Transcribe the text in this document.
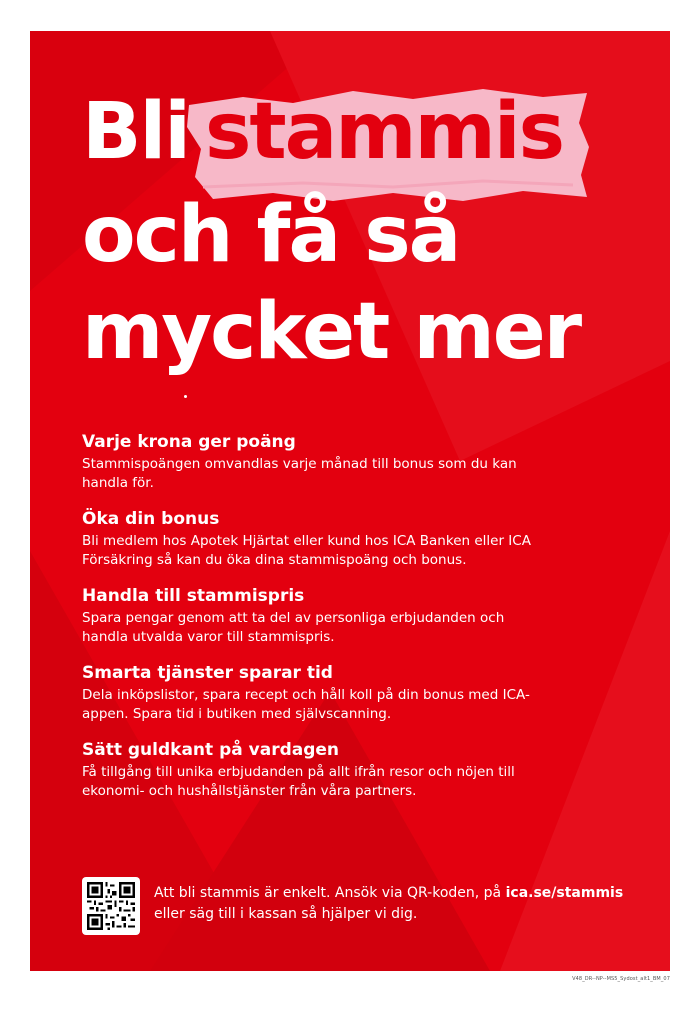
Bli stammis
och få så
mycket mer

Varje krona ger poäng

Stammispoängen omvandlas varje månad till bonus som du kan handla för.

Öka din bonus

Bli medlem hos Apotek Hjärtat eller kund hos ICA Banken eller ICA Försäkring så kan du öka dina stammispoäng och bonus.

Handla till stammispris

Spara pengar genom att ta del av personliga erbjudanden och handla utvalda varor till stammispris.

Smarta tjänster sparar tid

Dela inköpslistor, spara recept och håll koll på din bonus med ICA-appen. Spara tid i butiken med självscanning.

Sätt guldkant på vardagen

Få tillgång till unika erbjudanden på allt ifrån resor och nöjen till ekonomi- och hushållstjänster från våra partners.

Att bli stammis är enkelt. Ansök via QR-koden, på ica.se/stammis
eller säg till i kassan så hjälper vi dig.
V48_DR--NP--MS5_Sydost_alt1_BM_07
